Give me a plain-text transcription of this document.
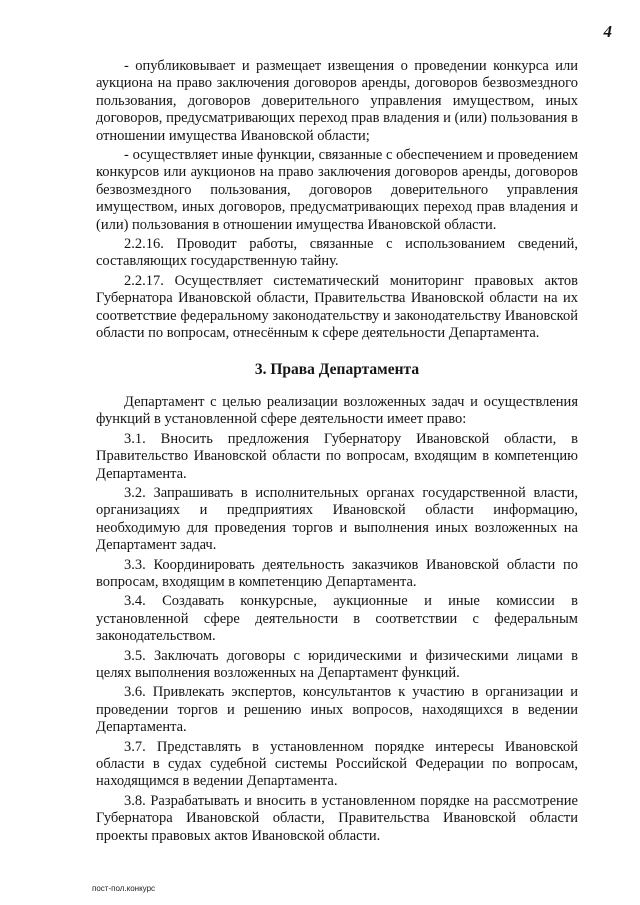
4

- опубликовывает и размещает извещения о проведении конкурса или аукциона на право заключения договоров аренды, договоров безвозмездного пользования, договоров доверительного управления имуществом, иных договоров, предусматривающих переход прав владения и (или) пользования в отношении имущества Ивановской области;

- осуществляет иные функции, связанные с обеспечением и проведением конкурсов или аукционов на право заключения договоров аренды, договоров безвозмездного пользования, договоров доверительного управления имуществом, иных договоров, предусматривающих переход прав владения и (или) пользования в отношении имущества Ивановской области.

2.2.16. Проводит работы, связанные с использованием сведений, составляющих государственную тайну.

2.2.17. Осуществляет систематический мониторинг правовых актов Губернатора Ивановской области, Правительства Ивановской области на их соответствие федеральному законодательству и законодательству Ивановской области по вопросам, отнесённым к сфере деятельности Департамента.

3. Права Департамента

Департамент с целью реализации возложенных задач и осуществления функций в установленной сфере деятельности имеет право:

3.1. Вносить предложения Губернатору Ивановской области, в Правительство Ивановской области по вопросам, входящим в компетенцию Департамента.

3.2. Запрашивать в исполнительных органах государственной власти, организациях и предприятиях Ивановской области информацию, необходимую для проведения торгов и выполнения иных возложенных на Департамент задач.

3.3. Координировать деятельность заказчиков Ивановской области по вопросам, входящим в компетенцию Департамента.

3.4. Создавать конкурсные, аукционные и иные комиссии в установленной сфере деятельности в соответствии с федеральным законодательством.

3.5. Заключать договоры с юридическими и физическими лицами в целях выполнения возложенных на Департамент функций.

3.6. Привлекать экспертов, консультантов к участию в организации и проведении торгов и решению иных вопросов, находящихся в ведении Департамента.

3.7. Представлять в установленном порядке интересы Ивановской области в судах судебной системы Российской Федерации по вопросам, находящимся в ведении Департамента.

3.8. Разрабатывать и вносить в установленном порядке на рассмотрение Губернатора Ивановской области, Правительства Ивановской области проекты правовых актов Ивановской области.

пост-пол.конкурс
